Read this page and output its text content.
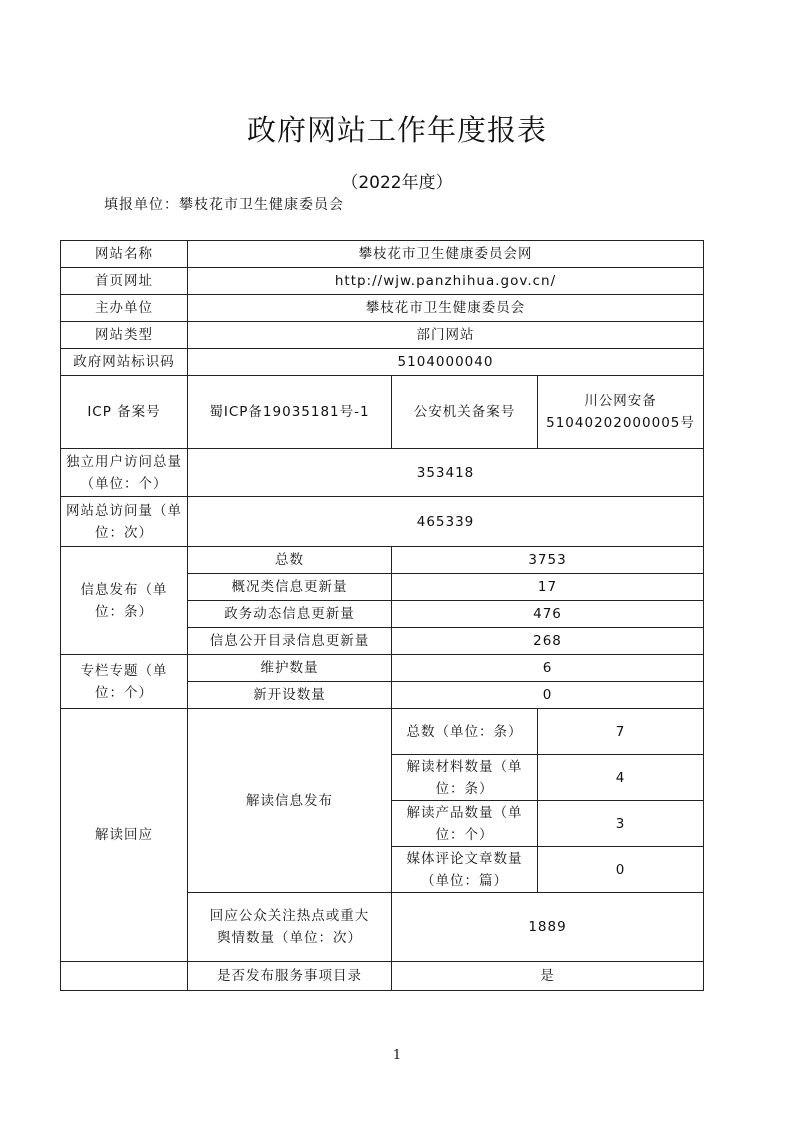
政府网站工作年度报表
（2022年度）
填报单位：攀枝花市卫生健康委员会
网站名称	攀枝花市卫生健康委员会网		
首页网址	http://wjw.panzhihua.gov.cn/		
主办单位	攀枝花市卫生健康委员会		
网站类型	部门网站		
政府网站标识码	5104000040		
ICP 备案号	蜀ICP备19035181号-1	公安机关备案号	川公网安备51040202000005号
独立用户访问总量（单位：个）	353418		
网站总访问量（单位：次）	465339		
信息发布（单位：条）	总数	3753	
	概况类信息更新量	17	
	政务动态信息更新量	476	
	信息公开目录信息更新量	268	
专栏专题（单位：个）	维护数量	6	
	新开设数量	0	
解读回应	解读信息发布	总数（单位：条）	7
		解读材料数量（单位：条）	4
		解读产品数量（单位：个）	3
		媒体评论文章数量（单位：篇）	0
	回应公众关注热点或重大舆情数量（单位：次）	1889	
	是否发布服务事项目录	是	
1
